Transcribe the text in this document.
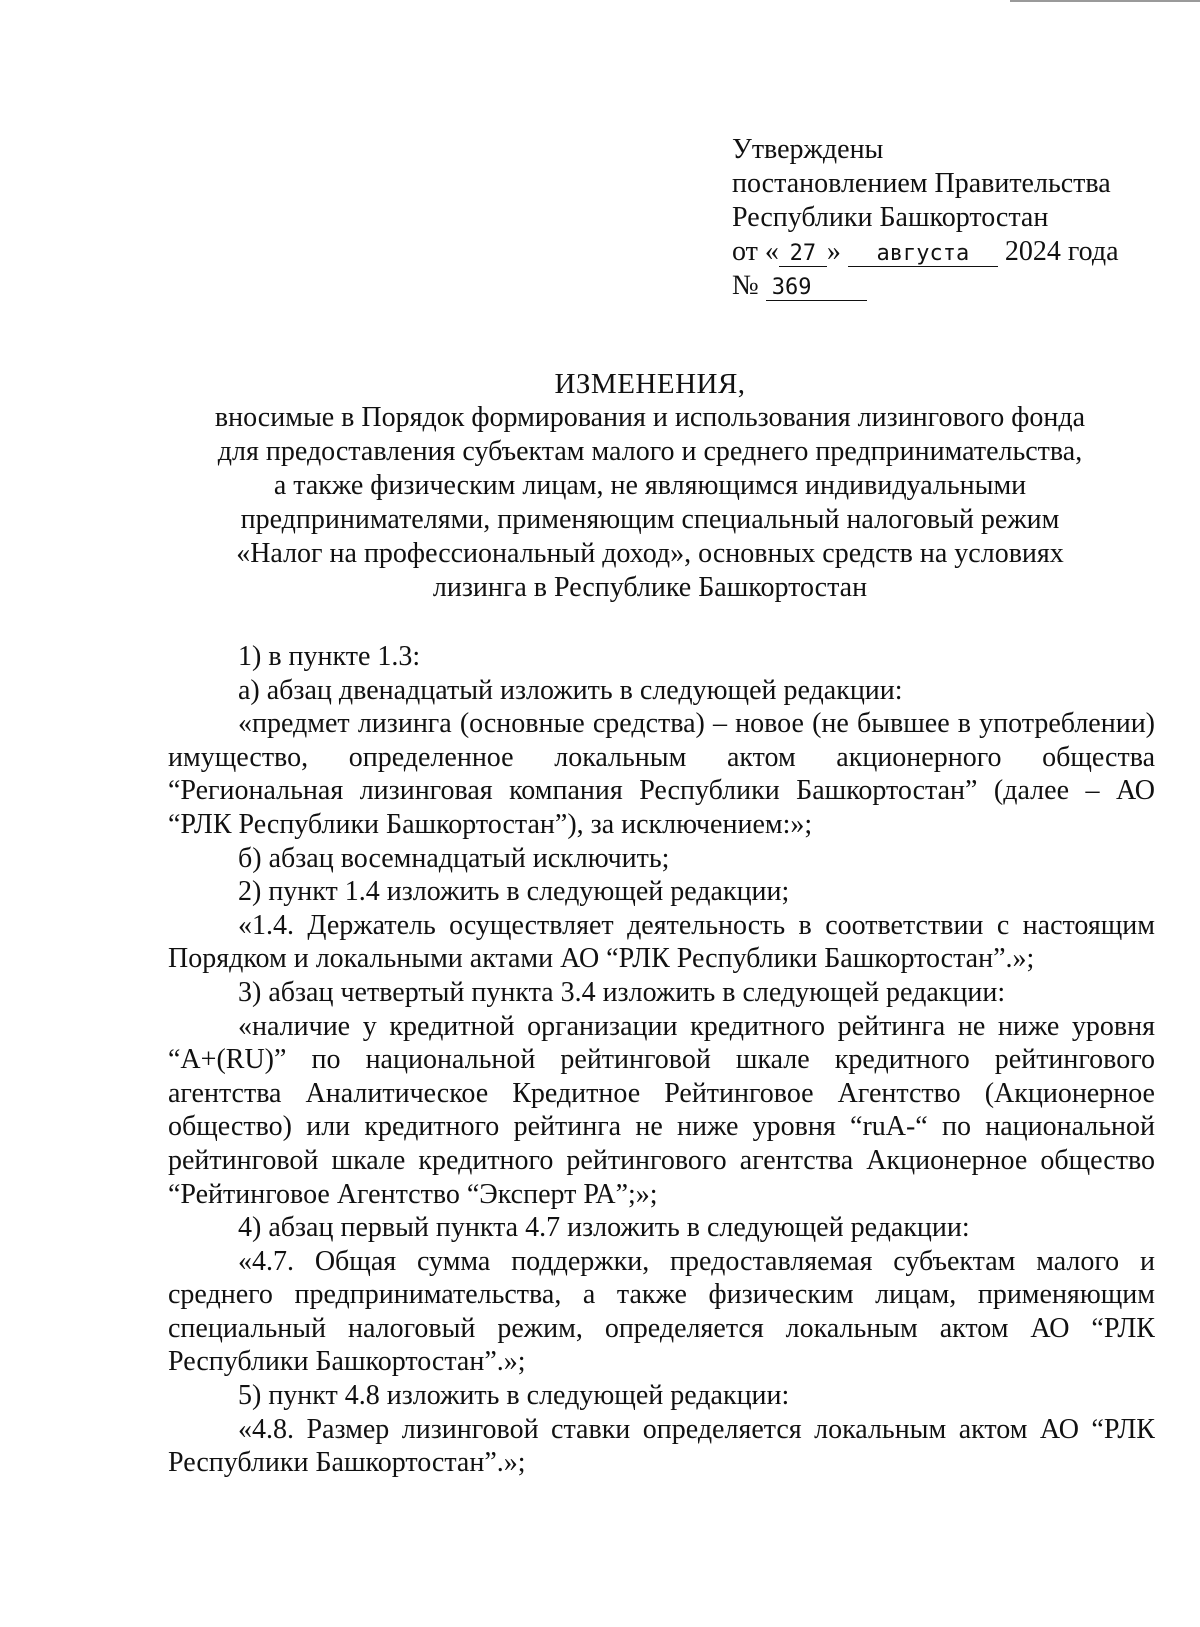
Утверждены
постановлением Правительства
Республики Башкортостан
от « 27 » августа 2024 года
№ 369
ИЗМЕНЕНИЯ,
вносимые в Порядок формирования и использования лизингового фонда
для предоставления субъектам малого и среднего предпринимательства,
а также физическим лицам, не являющимся индивидуальными
предпринимателями, применяющим специальный налоговый режим
«Налог на профессиональный доход», основных средств на условиях
лизинга в Республике Башкортостан

1) в пункте 1.3:

а) абзац двенадцатый изложить в следующей редакции:

«предмет лизинга (основные средства) – новое (не бывшее в употреблении) имущество, определенное локальным актом акционерного общества “Региональная лизинговая компания Республики Башкортостан” (далее – АО “РЛК Республики Башкортостан”), за исключением:»;

б) абзац восемнадцатый исключить;

2) пункт 1.4 изложить в следующей редакции;

«1.4. Держатель осуществляет деятельность в соответствии с настоящим Порядком и локальными актами АО “РЛК Республики Башкортостан”.»;

3) абзац четвертый пункта 3.4 изложить в следующей редакции:

«наличие у кредитной организации кредитного рейтинга не ниже уровня “А+(RU)” по национальной рейтинговой шкале кредитного рейтингового агентства Аналитическое Кредитное Рейтинговое Агентство (Акционерное общество) или кредитного рейтинга не ниже уровня “ruA-“ по национальной рейтинговой шкале кредитного рейтингового агентства Акционерное общество “Рейтинговое Агентство “Эксперт РА”;»;

4) абзац первый пункта 4.7 изложить в следующей редакции:

«4.7. Общая сумма поддержки, предоставляемая субъектам малого и среднего предпринимательства, а также физическим лицам, применяющим специальный налоговый режим, определяется локальным актом АО “РЛК Республики Башкортостан”.»;

5) пункт 4.8 изложить в следующей редакции:

«4.8. Размер лизинговой ставки определяется локальным актом АО “РЛК Республики Башкортостан”.»;
